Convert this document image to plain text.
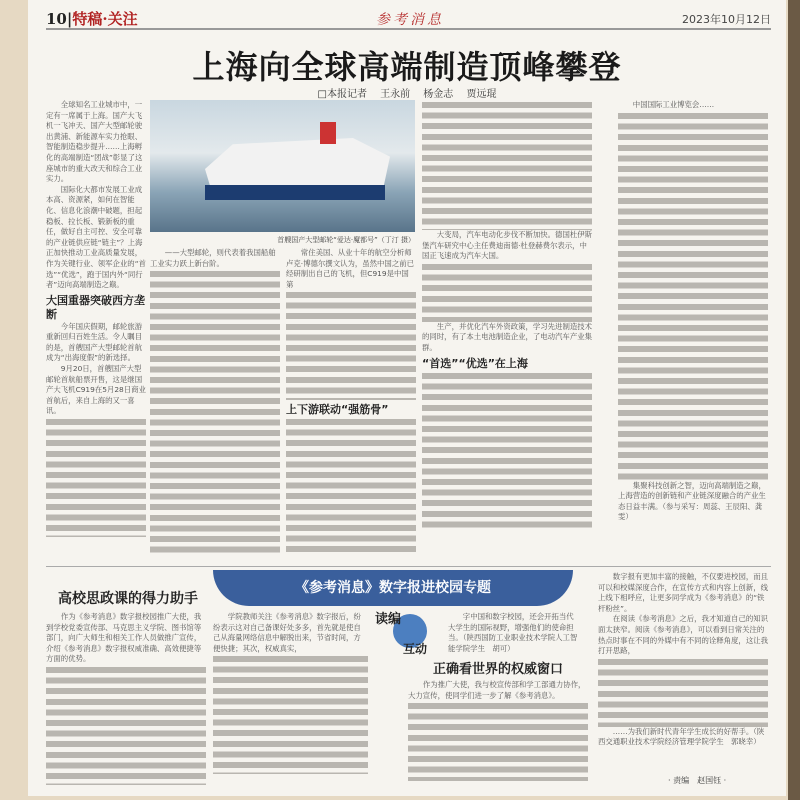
10|特稿·关注	参考消息	2023年10月12日
上海向全球高端制造顶峰攀登
□本报记者 王永前 杨金志 贾远琨

全球知名工业城市中，一定有一席属于上海。国产大飞机一飞冲天、国产大型邮轮驶出黄浦、新能源车实力抢眼、智能制造稳步提升……上海孵化的高端制造“团战”彰显了这座城市的重大改天和综合工业实力。

国际化大都市发展工业成本高、资源紧，如何在智能化、信息化浪潮中破题，担起稳板、拉长板、锻新板的重任，做好自主可控、安全可靠的产业链供应链“链主”？上海正加快推动工业高质量发展，作为关键行业、领军企业的“首选”“优选”，跑于国内外“同行者”迈向高端制造之巅。

大国重器突破西方垄断

今年国庆假期，邮轮旅游重新回归百姓生活。令人瞩目的是，首艘国产大型邮轮首航成为“出海度假”的新选择。

9月20日，首艘国产大型邮轮首航船票开售，这是继国产大飞机C919在5月28日商业首航后，来自上海的又一喜讯。

首艘国产大型邮轮“爱达·魔都号”（丁汀 摄）

——大型邮轮，则代表着我国船舶工业实力跃上新台阶。

常住美国、从业十年的航空分析师卢克·博德尔撰文认为，虽然中国之前已经研制出自己的飞机，但C919是中国第

上下游联动“强筋骨”

大变局，汽车电动化步伐不断加快。德国杜伊斯堡汽车研究中心主任费迪南德·杜登赫费尔表示，中国正飞速成为汽车大国。

生产，并优化汽车外资政策，学习先进制造技术的同时，有了本土电池制造企业，了电动汽车产业集群。

“首选”“优选”在上海

中国国际工业博览会……

集聚科技创新之智，迈向高端制造之巅，上海营造的创新链和产业链深度融合的产业生态日益丰满。（参与采写：周蕊、王辰阳、龚雯）

高校思政课的得力助手
《参考消息》数字报进校园专题
读编
互动

作为《参考消息》数字报校园推广大使，我到学校党委宣传部、马克思主义学院、图书馆等部门，向广大师生和相关工作人员做推广宣传，介绍《参考消息》数字报权威准确、高效便捷等方面的优势。

学院教师关注《参考消息》数字报后，纷纷表示这对自己备课好处多多，首先就是使自己从海量网络信息中解脱出来，节省时间，方便快捷；其次，权威真实，

字中国和数字校园，还会开拓当代大学生的国际视野，增强他们的使命担当。（陕西国防工业职业技术学院人工智能学院学生　胡可）

正确看世界的权威窗口

作为推广大使，我与校宣传部和学工部通力协作，大力宣传，使同学们进一步了解《参考消息》。

数字报有更加丰富的接触，不仅要进校园，而且可以和校媒深度合作，在宣传方式和内容上创新，线上线下相呼应，让更多同学成为《参考消息》的“铁杆粉丝”。

在阅读《参考消息》之后，我才知道自己的知识面太狭窄。阅读《参考消息》，可以看到日常关注的热点时事在不同的外媒中有不同的诠释角度，这让我打开思路，

……为我们新时代青年学生成长的好帮手。（陕西交通职业技术学院经济管理学院学生　郭晓幸）

· 责编　赵国钰 ·
